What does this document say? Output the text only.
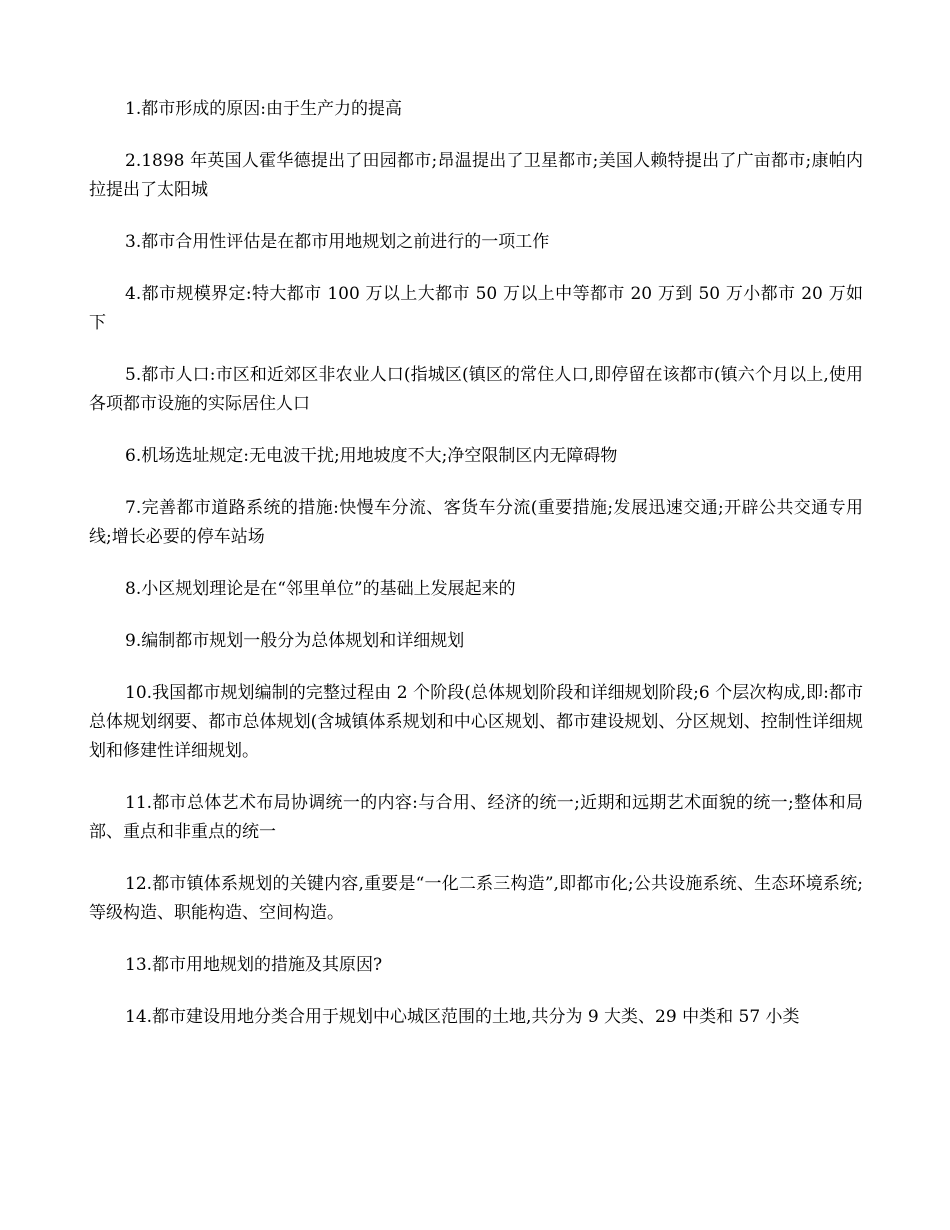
1.都市形成的原因:由于生产力的提高

2.1898 年英国人霍华德提出了田园都市;昂温提出了卫星都市;美国人赖特提出了广亩都市;康帕内拉提出了太阳城

3.都市合用性评估是在都市用地规划之前进行的一项工作

4.都市规模界定:特大都市 100 万以上大都市 50 万以上中等都市 20 万到 50 万小都市 20 万如下

5.都市人口:市区和近郊区非农业人口(指城区(镇区的常住人口,即停留在该都市(镇六个月以上,使用各项都市设施的实际居住人口

6.机场选址规定:无电波干扰;用地坡度不大;净空限制区内无障碍物

7.完善都市道路系统的措施:快慢车分流、客货车分流(重要措施;发展迅速交通;开辟公共交通专用线;增长必要的停车站场

8.小区规划理论是在“邻里单位”的基础上发展起来的

9.编制都市规划一般分为总体规划和详细规划

10.我国都市规划编制的完整过程由 2 个阶段(总体规划阶段和详细规划阶段;6 个层次构成,即:都市总体规划纲要、都市总体规划(含城镇体系规划和中心区规划、都市建设规划、分区规划、控制性详细规划和修建性详细规划。

11.都市总体艺术布局协调统一的内容:与合用、经济的统一;近期和远期艺术面貌的统一;整体和局部、重点和非重点的统一

12.都市镇体系规划的关键内容,重要是“一化二系三构造”,即都市化;公共设施系统、生态环境系统;等级构造、职能构造、空间构造。

13.都市用地规划的措施及其原因?

14.都市建设用地分类合用于规划中心城区范围的土地,共分为 9 大类、29 中类和 57 小类
